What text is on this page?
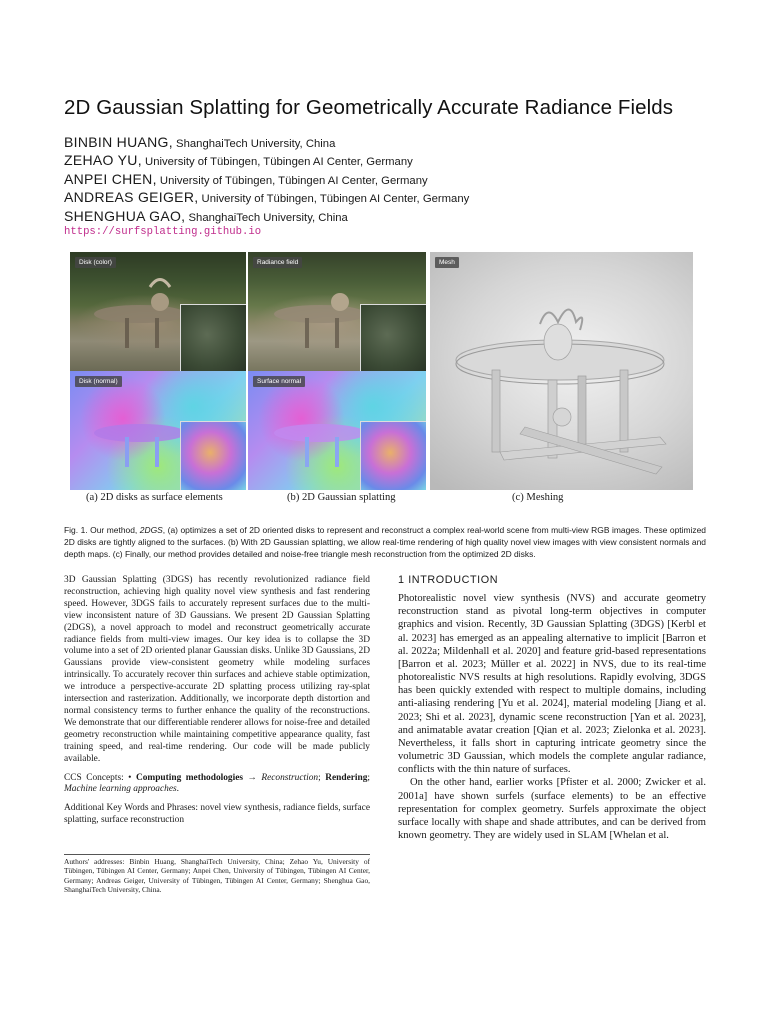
2D Gaussian Splatting for Geometrically Accurate Radiance Fields
BINBIN HUANG, ShanghaiTech University, China
ZEHAO YU, University of Tübingen, Tübingen AI Center, Germany
ANPEI CHEN, University of Tübingen, Tübingen AI Center, Germany
ANDREAS GEIGER, University of Tübingen, Tübingen AI Center, Germany
SHENGHUA GAO, ShanghaiTech University, China
https://surfsplatting.github.io
Disk (color)
Disk (normal)
Radiance field
Surface normal
Mesh
(a) 2D disks as surface elements	(b) 2D Gaussian splatting	(c) Meshing
Fig. 1. Our method, 2DGS, (a) optimizes a set of 2D oriented disks to represent and reconstruct a complex real-world scene from multi-view RGB images. These optimized 2D disks are tightly aligned to the surfaces. (b) With 2D Gaussian splatting, we allow real-time rendering of high quality novel view images with view consistent normals and depth maps. (c) Finally, our method provides detailed and noise-free triangle mesh reconstruction from the optimized 2D disks.

3D Gaussian Splatting (3DGS) has recently revolutionized radiance field reconstruction, achieving high quality novel view synthesis and fast rendering speed. However, 3DGS fails to accurately represent surfaces due to the multi-view inconsistent nature of 3D Gaussians. We present 2D Gaussian Splatting (2DGS), a novel approach to model and reconstruct geometrically accurate radiance fields from multi-view images. Our key idea is to collapse the 3D volume into a set of 2D oriented planar Gaussian disks. Unlike 3D Gaussians, 2D Gaussians provide view-consistent geometry while modeling surfaces intrinsically. To accurately recover thin surfaces and achieve stable optimization, we introduce a perspective-accurate 2D splatting process utilizing ray-splat intersection and rasterization. Additionally, we incorporate depth distortion and normal consistency terms to further enhance the quality of the reconstructions. We demonstrate that our differentiable renderer allows for noise-free and detailed geometry reconstruction while maintaining competitive appearance quality, fast training speed, and real-time rendering. Our code will be made publicly available.

CCS Concepts: • Computing methodologies → Reconstruction; Rendering; Machine learning approaches.

Additional Key Words and Phrases: novel view synthesis, radiance fields, surface splatting, surface reconstruction

Authors' addresses: Binbin Huang, ShanghaiTech University, China; Zehao Yu, University of Tübingen, Tübingen AI Center, Germany; Anpei Chen, University of Tübingen, Tübingen AI Center, Germany; Andreas Geiger, University of Tübingen, Tübingen AI Center, Germany; Shenghua Gao, ShanghaiTech University, China.
1 INTRODUCTION

Photorealistic novel view synthesis (NVS) and accurate geometry reconstruction stand as pivotal long-term objectives in computer graphics and vision. Recently, 3D Gaussian Splatting (3DGS) [Kerbl et al. 2023] has emerged as an appealing alternative to implicit [Barron et al. 2022a; Mildenhall et al. 2020] and feature grid-based representations [Barron et al. 2023; Müller et al. 2022] in NVS, due to its real-time photorealistic NVS results at high resolutions. Rapidly evolving, 3DGS has been quickly extended with respect to multiple domains, including anti-aliasing rendering [Yu et al. 2024], material modeling [Jiang et al. 2023; Shi et al. 2023], dynamic scene reconstruction [Yan et al. 2023], and animatable avatar creation [Qian et al. 2023; Zielonka et al. 2023]. Nevertheless, it falls short in capturing intricate geometry since the volumetric 3D Gaussian, which models the complete angular radiance, conflicts with the thin nature of surfaces.

On the other hand, earlier works [Pfister et al. 2000; Zwicker et al. 2001a] have shown surfels (surface elements) to be an effective representation for complex geometry. Surfels approximate the object surface locally with shape and shade attributes, and can be derived from known geometry. They are widely used in SLAM [Whelan et al.
